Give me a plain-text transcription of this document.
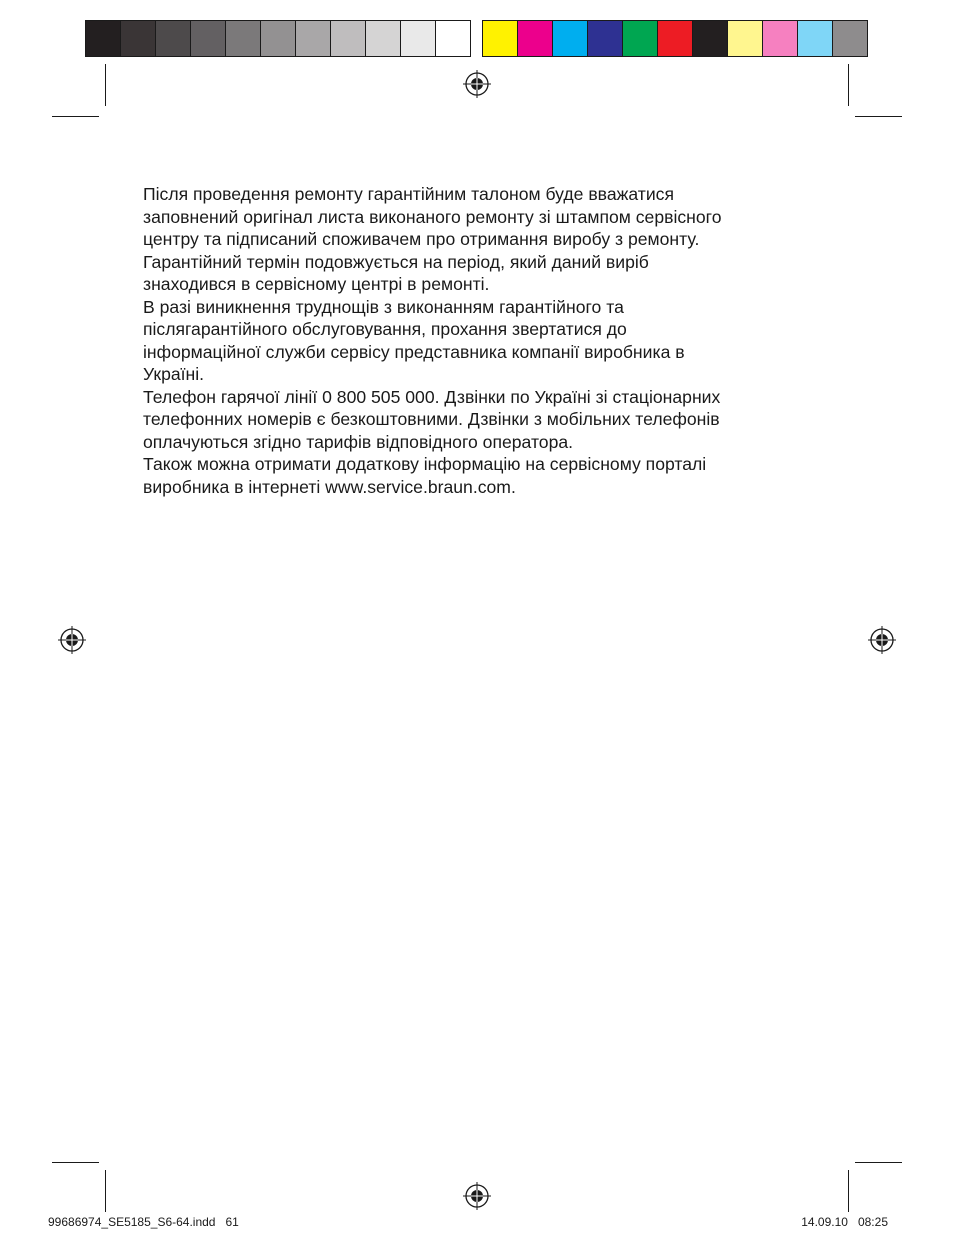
Після проведення ремонту гарантійним талоном буде вважатися

заповнений оригінал листа виконаного ремонту зі штампом сервісного

центру та підписаний споживачем про отримання виробу з ремонту.

Гарантійний термін подовжується на період, який даний виріб

знаходився в сервісному центрі в ремонті.

В разі виникнення труднощів з виконанням гарантійного та

післягарантійного обслуговування, прохання звертатися до

інформаційної служби сервісу представника компанії виробника в

Україні.

Телефон гарячої лінії 0 800 505 000. Дзвінки по Україні зі стаціонарних

телефонних номерів є безкоштовними. Дзвінки з мобільних телефонів

оплачуються згідно тарифів відповідного оператора.

Також можна отримати додаткову інформацію на сервісному порталі

виробника в інтернеті www.service.braun.com.

99686974_SE5185_S6-64.indd   61	14.09.10   08:25
